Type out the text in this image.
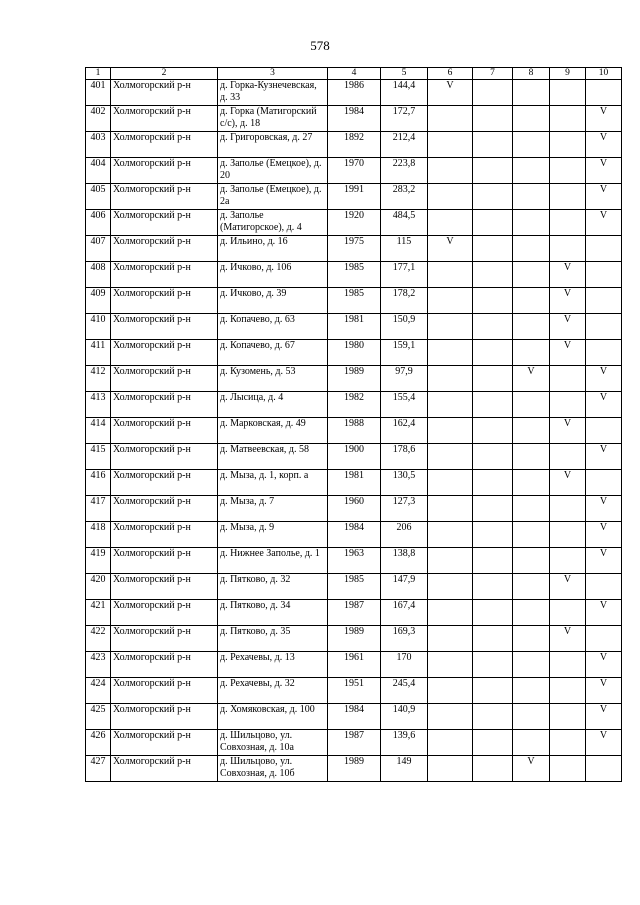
578
1	2	3	4	5	6	7	8	9	10
401	Холмогорский р-н	д. Горка-Кузнечевская, д. 33	1986	144,4	V				
402	Холмогорский р-н	д. Горка (Матигорский с/с), д. 18	1984	172,7					V
403	Холмогорский р-н	д. Григоровская, д. 27	1892	212,4					V
404	Холмогорский р-н	д. Заполье (Емецкое), д. 20	1970	223,8					V
405	Холмогорский р-н	д. Заполье (Емецкое), д. 2а	1991	283,2					V
406	Холмогорский р-н	д. Заполье (Матигорское), д. 4	1920	484,5					V
407	Холмогорский р-н	д. Ильино, д. 16	1975	115	V				
408	Холмогорский р-н	д. Ичково, д. 106	1985	177,1				V	
409	Холмогорский р-н	д. Ичково, д. 39	1985	178,2				V	
410	Холмогорский р-н	д. Копачево, д. 63	1981	150,9				V	
411	Холмогорский р-н	д. Копачево, д. 67	1980	159,1				V	
412	Холмогорский р-н	д. Кузомень, д. 53	1989	97,9			V		V
413	Холмогорский р-н	д. Лысица, д. 4	1982	155,4					V
414	Холмогорский р-н	д. Марковская, д. 49	1988	162,4				V	
415	Холмогорский р-н	д. Матвеевская, д. 58	1900	178,6					V
416	Холмогорский р-н	д. Мыза, д. 1, корп. а	1981	130,5				V	
417	Холмогорский р-н	д. Мыза, д. 7	1960	127,3					V
418	Холмогорский р-н	д. Мыза, д. 9	1984	206					V
419	Холмогорский р-н	д. Нижнее Заполье, д. 1	1963	138,8					V
420	Холмогорский р-н	д. Пятково, д. 32	1985	147,9				V	
421	Холмогорский р-н	д. Пятково, д. 34	1987	167,4					V
422	Холмогорский р-н	д. Пятково, д. 35	1989	169,3				V	
423	Холмогорский р-н	д. Рехачевы, д. 13	1961	170					V
424	Холмогорский р-н	д. Рехачевы, д. 32	1951	245,4					V
425	Холмогорский р-н	д. Хомяковская, д. 100	1984	140,9					V
426	Холмогорский р-н	д. Шильцово, ул. Совхозная, д. 10а	1987	139,6					V
427	Холмогорский р-н	д. Шильцово, ул. Совхозная, д. 10б	1989	149			V		
